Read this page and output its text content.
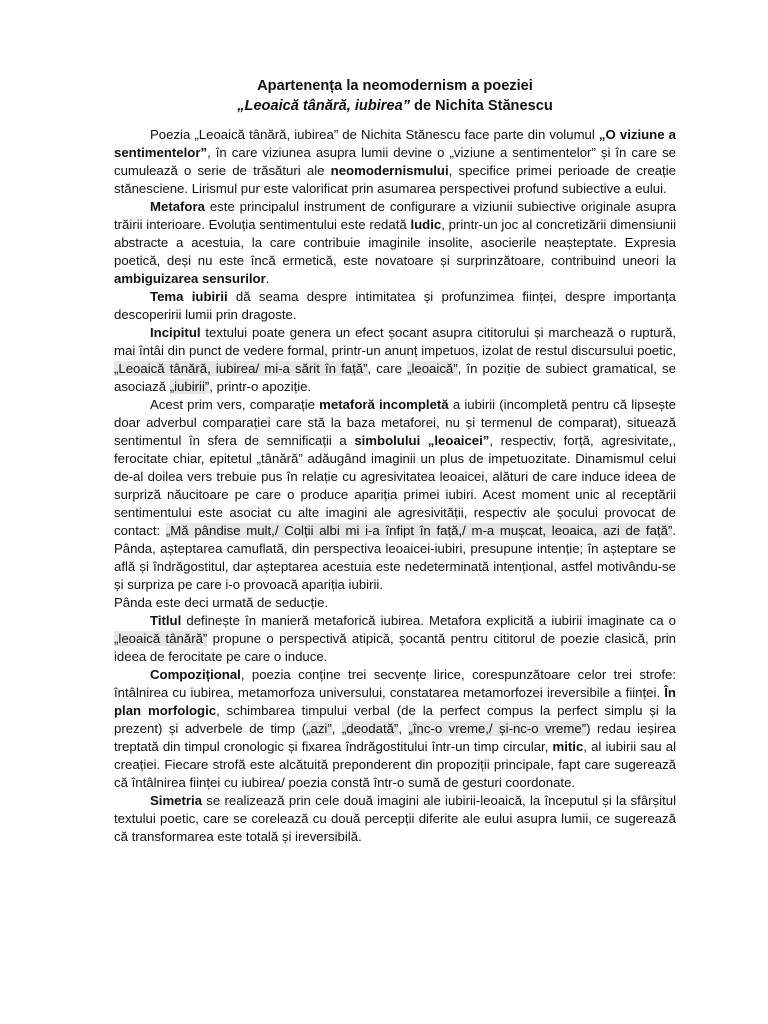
Apartenența la neomodernism a poeziei
„Leoaică tânără, iubirea” de Nichita Stănescu

Poezia „Leoaică tânără, iubirea” de Nichita Stănescu face parte din volumul „O viziune a sentimentelor”, în care viziunea asupra lumii devine o „viziune a sentimentelor” și în care se cumulează o serie de trăsături ale neomodernismului, specifice primei perioade de creație stănesciene. Lirismul pur este valorificat prin asumarea perspectivei profund subiective a eului.

Metafora este principalul instrument de configurare a viziunii subiective originale asupra trăirii interioare. Evoluția sentimentului este redată ludic, printr-un joc al concretizării dimensiunii abstracte a acestuia, la care contribuie imaginile insolite, asocierile neașteptate. Expresia poetică, deși nu este încă ermetică, este novatoare și surprinzătoare, contribuind uneori la ambiguizarea sensurilor.

Tema iubirii dă seama despre intimitatea și profunzimea ființei, despre importanța descoperirii lumii prin dragoste.

Incipitul textului poate genera un efect șocant asupra cititorului și marchează o ruptură, mai întâi din punct de vedere formal, printr-un anunț impetuos, izolat de restul discursului poetic, „Leoaică tânără, iubirea/ mi-a sărit în față”, care „leoaică”, în poziție de subiect gramatical, se asociază „iubirii”, printr-o apoziție.

Acest prim vers, comparație metaforă incompletă a iubirii (incompletă pentru că lipsește doar adverbul comparației care stă la baza metaforei, nu și termenul de comparat), situează sentimentul în sfera de semnificații a simbolului „leoaicei”, respectiv, forță, agresivitate,, ferocitate chiar, epitetul „tânără” adăugând imaginii un plus de impetuozitate. Dinamismul celui de-al doilea vers trebuie pus în relație cu agresivitatea leoaicei, alături de care induce ideea de surpriză năucitoare pe care o produce apariția primei iubiri. Acest moment unic al receptării sentimentului este asociat cu alte imagini ale agresivității, respectiv ale șocului provocat de contact: „Mă pândise mult,/ Colții albi mi i-a înfipt în față,/ m-a mușcat, leoaica, azi de față”. Pânda, așteptarea camuflată, din perspectiva leoaicei-iubiri, presupune intenție; în așteptare se află și îndrăgostitul, dar așteptarea acestuia este nedeterminată intențional, astfel motivându-se și surpriza pe care i-o provoacă apariția iubirii.

Pânda este deci urmată de seducție.

Titlul definește în manieră metaforică iubirea. Metafora explicită a iubirii imaginate ca o „leoaică tânără” propune o perspectivă atipică, șocantă pentru cititorul de poezie clasică, prin ideea de ferocitate pe care o induce.

Compozițional, poezia conține trei secvențe lirice, corespunzătoare celor trei strofe: întâlnirea cu iubirea, metamorfoza universului, constatarea metamorfozei ireversibile a ființei. În plan morfologic, schimbarea timpului verbal (de la perfect compus la perfect simplu și la prezent) și adverbele de timp („azi”, „deodată”, „înc-o vreme,/ și-nc-o vreme”) redau ieșirea treptată din timpul cronologic și fixarea îndrăgostitului într-un timp circular, mitic, al iubirii sau al creației. Fiecare strofă este alcătuită preponderent din propoziții principale, fapt care sugerează că întâlnirea ființei cu iubirea/ poezia constă într-o sumă de gesturi coordonate.

Simetria se realizează prin cele două imagini ale iubirii-leoaică, la începutul și la sfârșitul textului poetic, care se corelează cu două percepții diferite ale eului asupra lumii, ce sugerează că transformarea este totală și ireversibilă.
